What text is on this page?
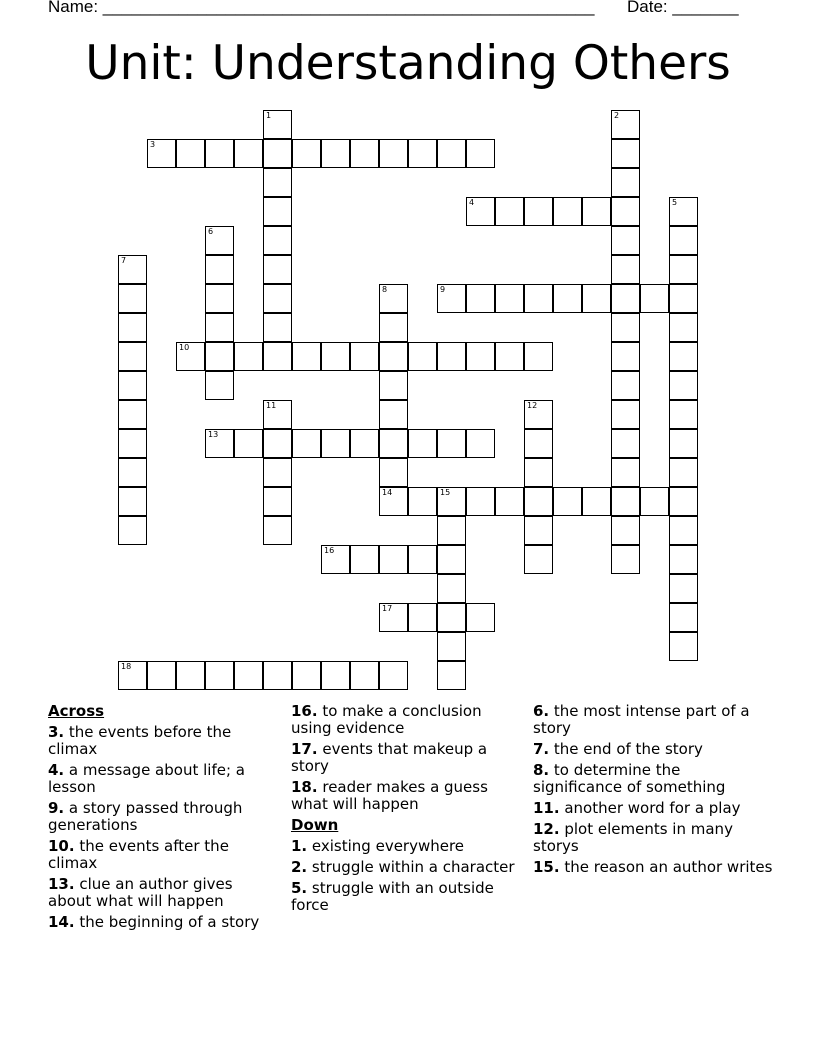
Name: ____________________________________________________ Date: _______
Unit: Understanding Others
1	2
3
4	5
6
7
8
14
9
10
11	12
13
15
16
17
18
Across
3. the events before the climax
4. a message about life; a lesson
9. a story passed through generations
10. the events after the climax
13. clue an author gives about what will happen
14. the beginning of a story
16. to make a conclusion using evidence
17. events that makeup a story
18. reader makes a guess what will happen
Down
1. existing everywhere
2. struggle within a character
5. struggle with an outside force
6. the most intense part of a story
7. the end of the story
8. to determine the significance of something
11. another word for a play
12. plot elements in many storys
15. the reason an author writes
